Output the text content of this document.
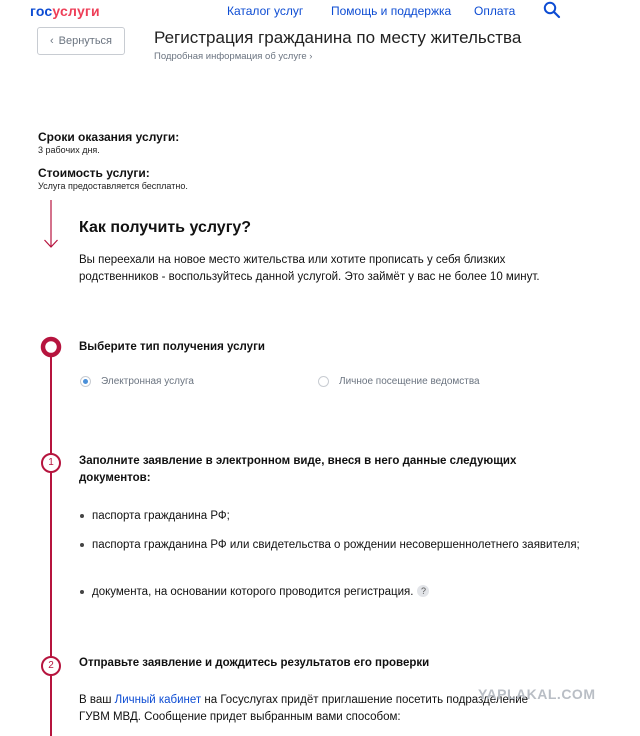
госуслуги	Каталог услуг Помощь и поддержка Оплата
‹ Вернуться Регистрация гражданина по месту жительства
Подробная информация об услуге ›
Сроки оказания услуги:
3 рабочих дня.
Стоимость услуги:
Услуга предоставляется бесплатно.
Как получить услугу?
Вы переехали на новое место жительства или хотите прописать у себя близких родственников - воспользуйтесь данной услугой. Это займёт у вас не более 10 минут.
Выберите тип получения услуги
Электронная услуга	Личное посещение ведомства
1	Заполните заявление в электронном виде, внеся в него данные следующих документов:
паспорта гражданина РФ;
паспорта гражданина РФ или свидетельства о рождении несовершеннолетнего заявителя;
документа, на основании которого проводится регистрация. ?
2	Отправьте заявление и дождитесь результатов его проверки
В ваш Личный кабинет на Госуслугах придёт приглашение посетить подразделение ГУВМ МВД. Сообщение придет выбранным вами способом:
YAPLAKAL.COM
